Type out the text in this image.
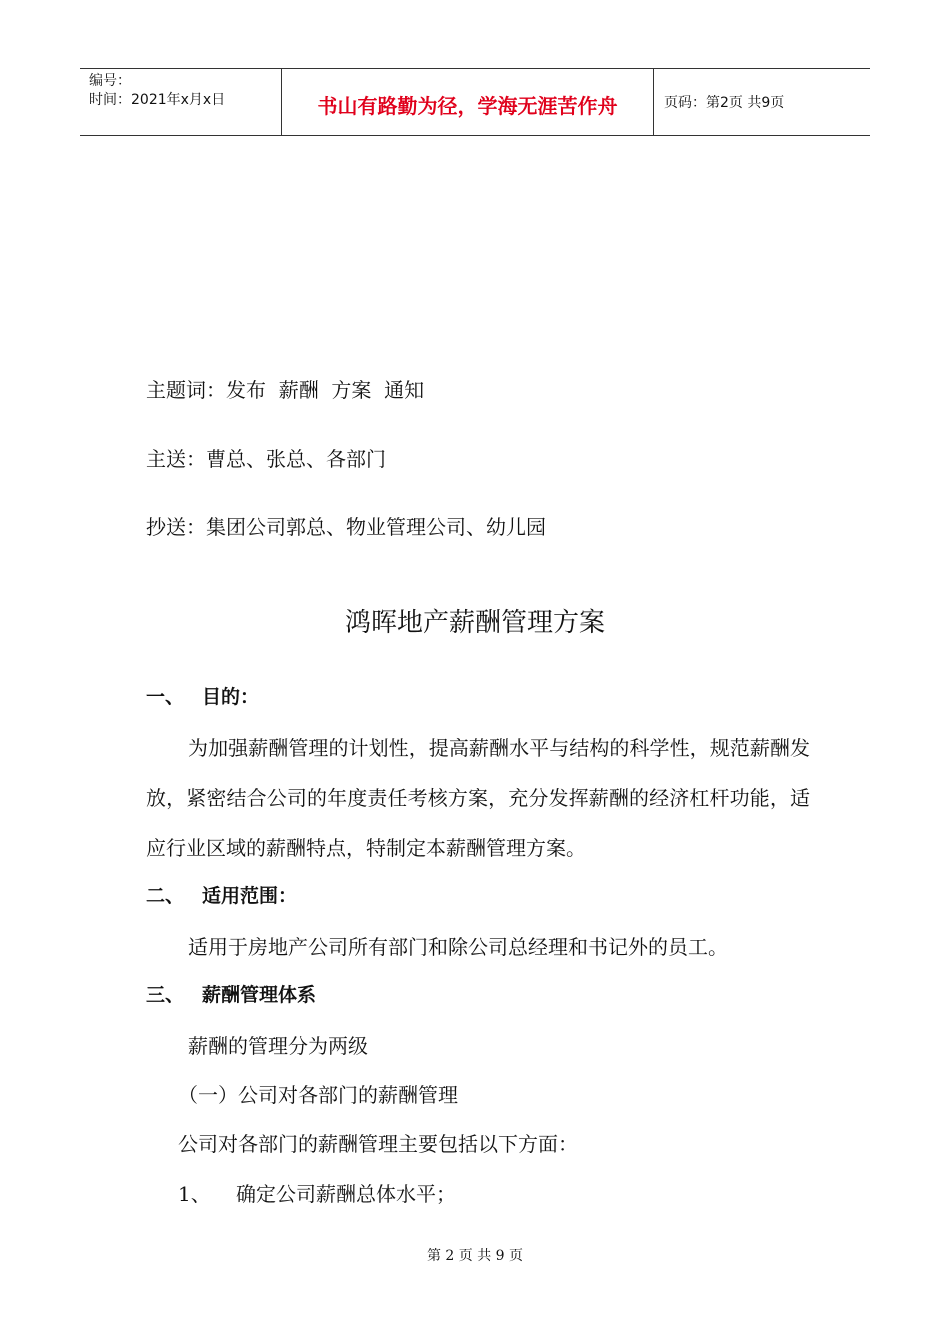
编号：
时间：2021年x月x日	书山有路勤为径，学海无涯苦作舟	页码：第2页 共9页
主题词：发布  薪酬  方案  通知
主送：曹总、张总、各部门
抄送：集团公司郭总、物业管理公司、幼儿园
鸿晖地产薪酬管理方案
一、 目的：

为加强薪酬管理的计划性，提高薪酬水平与结构的科学性，规范薪酬发放，紧密结合公司的年度责任考核方案，充分发挥薪酬的经济杠杆功能，适应行业区域的薪酬特点，特制定本薪酬管理方案。

二、 适用范围：

适用于房地产公司所有部门和除公司总经理和书记外的员工。

三、 薪酬管理体系
薪酬的管理分为两级
（一）公司对各部门的薪酬管理
公司对各部门的薪酬管理主要包括以下方面：
1、	确定公司薪酬总体水平；
第 2 页 共 9 页
